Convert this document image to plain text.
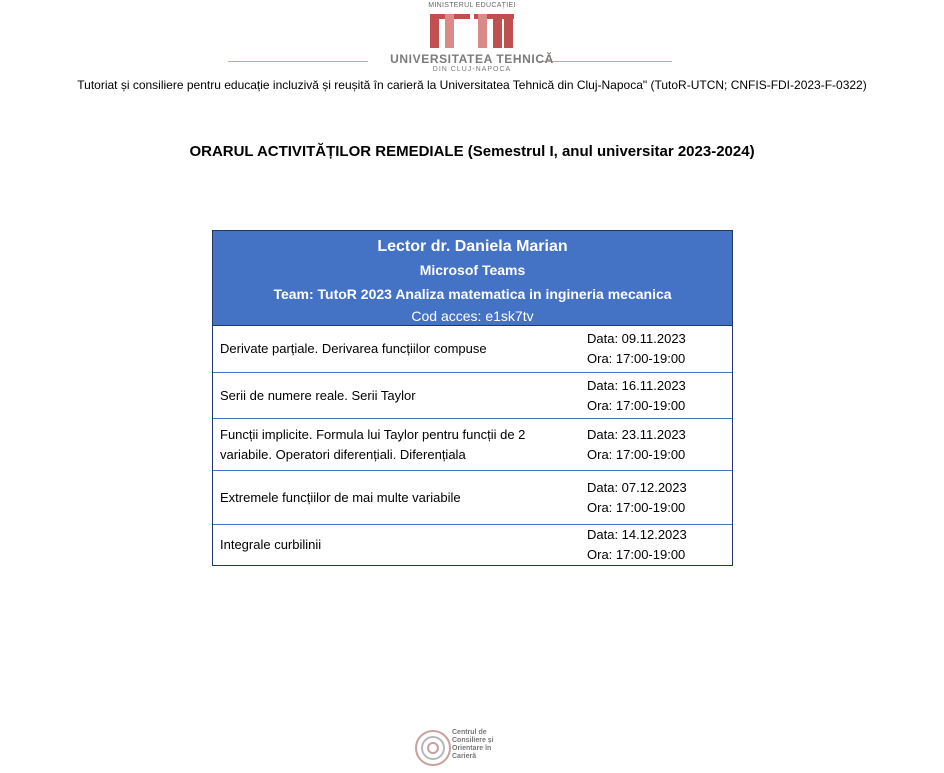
MINISTERUL EDUCAȚIEI
UNIVERSITATEA TEHNICĂ
DIN CLUJ-NAPOCA
Tutoriat și consiliere pentru educație incluzivă și reușită în carieră la Universitatea Tehnică din Cluj-Napoca" (TutoR-UTCN; CNFIS-FDI-2023-F-0322)
ORARUL ACTIVITĂȚILOR REMEDIALE (Semestrul I, anul universitar 2023-2024)
Lector dr. Daniela Marian
Microsof Teams
Team: TutoR 2023 Analiza matematica in ingineria mecanica
Cod acces: e1sk7tv
Derivate parțiale. Derivarea funcțiilor compuse
Data: 09.11.2023
Ora: 17:00-19:00
Serii de numere reale. Serii Taylor
Data: 16.11.2023
Ora: 17:00-19:00
Funcții implicite. Formula lui Taylor pentru funcții de 2 variabile. Operatori diferențiali. Diferențiala
Data: 23.11.2023
Ora: 17:00-19:00
Extremele funcțiilor de mai multe variabile
Data: 07.12.2023
Ora: 17:00-19:00
Integrale curbilinii
Data: 14.12.2023
Ora: 17:00-19:00
Centrul de Consiliere și Orientare în Carieră
